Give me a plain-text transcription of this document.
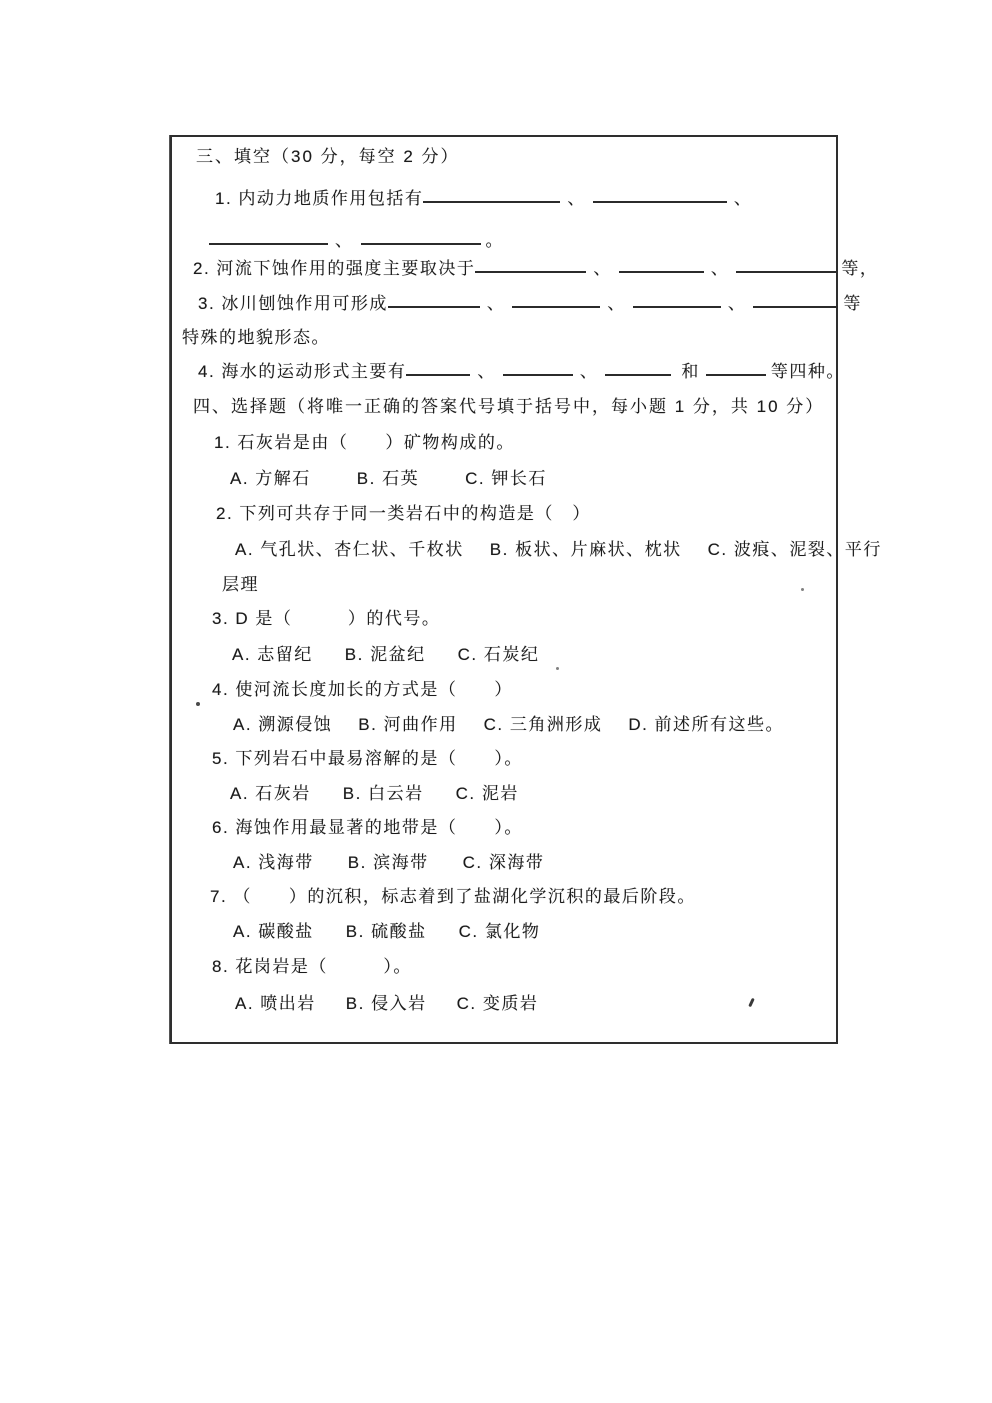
三、填空（30 分，每空 2 分）
1. 内动力地质作用包括有	、	、
、	。
2. 河流下蚀作用的强度主要取决于	、	、	等，
3. 冰川刨蚀作用可形成	、	、	、	等
特殊的地貌形态。
4. 海水的运动形式主要有	、	、	和	等四种。
四、选择题（将唯一正确的答案代号填于括号中，每小题 1 分，共 10 分）
1. 石灰岩是由（　　）矿物构成的。
A. 方解石	B. 石英	C. 钾长石
2. 下列可共存于同一类岩石中的构造是（　）
A. 气孔状、杏仁状、千枚状 B. 板状、片麻状、枕状 C. 波痕、泥裂、平行
层理
3. D 是（　　　）的代号。
A. 志留纪 B. 泥盆纪 C. 石炭纪
4. 使河流长度加长的方式是（　　）
A. 溯源侵蚀 B. 河曲作用 C. 三角洲形成 D. 前述所有这些。
5. 下列岩石中最易溶解的是（　　）。
A. 石灰岩 B. 白云岩 C. 泥岩
6. 海蚀作用最显著的地带是（　　）。
A. 浅海带 B. 滨海带 C. 深海带
7. （　　）的沉积，标志着到了盐湖化学沉积的最后阶段。
A. 碳酸盐 B. 硫酸盐 C. 氯化物
8. 花岗岩是（　　　）。
A. 喷出岩 B. 侵入岩 C. 变质岩
